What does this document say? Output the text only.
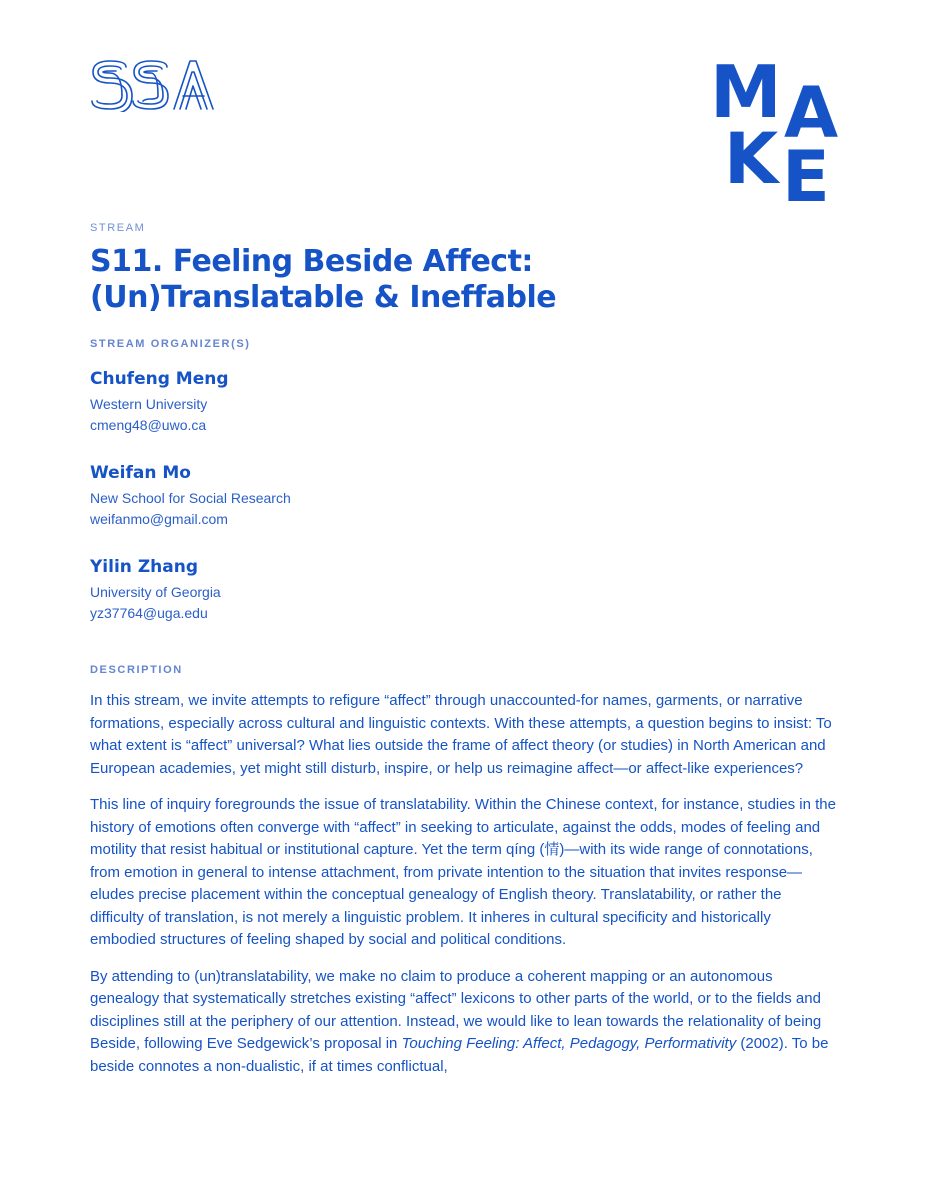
M A
K E

STREAM

S11. Feeling Beside Affect:
(Un)Translatable & Ineffable

STREAM ORGANIZER(S)

Chufeng Meng

Western University

cmeng48@uwo.ca

Weifan Mo

New School for Social Research

weifanmo@gmail.com

Yilin Zhang

University of Georgia

yz37764@uga.edu

DESCRIPTION

In this stream, we invite attempts to refigure “affect” through unaccounted-for names, garments, or narrative formations, especially across cultural and linguistic contexts. With these attempts, a question begins to insist: To what extent is “affect” universal? What lies outside the frame of affect theory (or studies) in North American and European academies, yet might still disturb, inspire, or help us reimagine affect—or affect-like experiences?

This line of inquiry foregrounds the issue of translatability. Within the Chinese context, for instance, studies in the history of emotions often converge with “affect” in seeking to articulate, against the odds, modes of feeling and motility that resist habitual or institutional capture. Yet the term qíng (情)—with its wide range of connotations, from emotion in general to intense attachment, from private intention to the situation that invites response—eludes precise placement within the conceptual genealogy of English theory. Translatability, or rather the difficulty of translation, is not merely a linguistic problem. It inheres in cultural specificity and historically embodied structures of feeling shaped by social and political conditions.

By attending to (un)translatability, we make no claim to produce a coherent mapping or an autonomous genealogy that systematically stretches existing “affect” lexicons to other parts of the world, or to the fields and disciplines still at the periphery of our attention. Instead, we would like to lean towards the relationality of being Beside, following Eve Sedgewick’s proposal in Touching Feeling: Affect, Pedagogy, Performativity (2002). To be beside connotes a non-dualistic, if at times conflictual,
